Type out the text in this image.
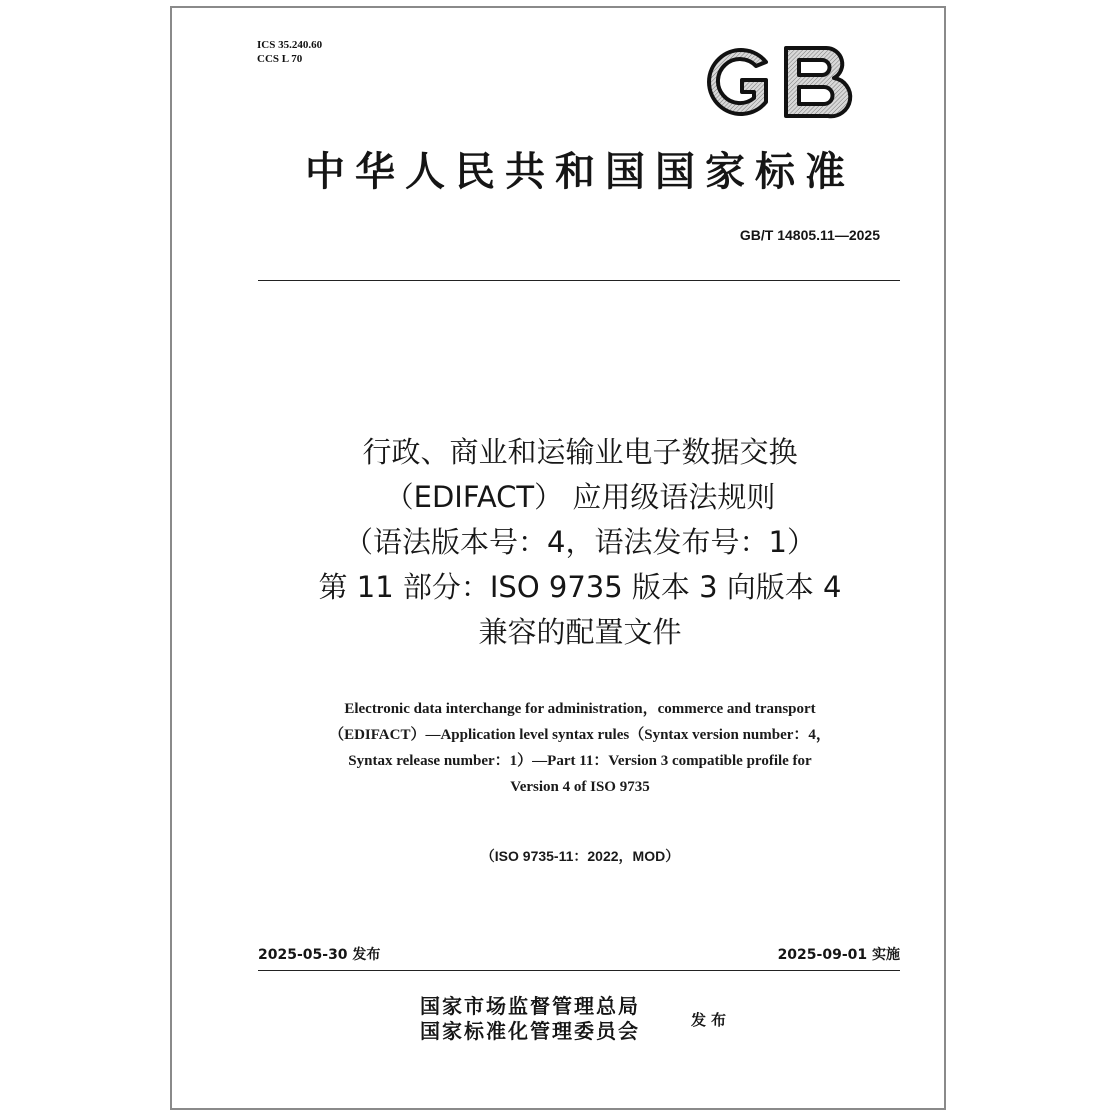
ICS 35.240.60
CCS L 70
中华人民共和国国家标准
GB/T 14805.11—2025
行政、商业和运输业电子数据交换
（EDIFACT） 应用级语法规则
（语法版本号：4，语法发布号：1）
第 11 部分：ISO 9735 版本 3 向版本 4
兼容的配置文件
Electronic data interchange for administration，commerce and transport
（EDIFACT）—Application level syntax rules（Syntax version number：4，
Syntax release number：1）—Part 11：Version 3 compatible profile for
Version 4 of ISO 9735
（ISO 9735-11：2022，MOD）
2025-05-30 发布	2025-09-01 实施
国家市场监督管理总局
国家标准化管理委员会	发布
